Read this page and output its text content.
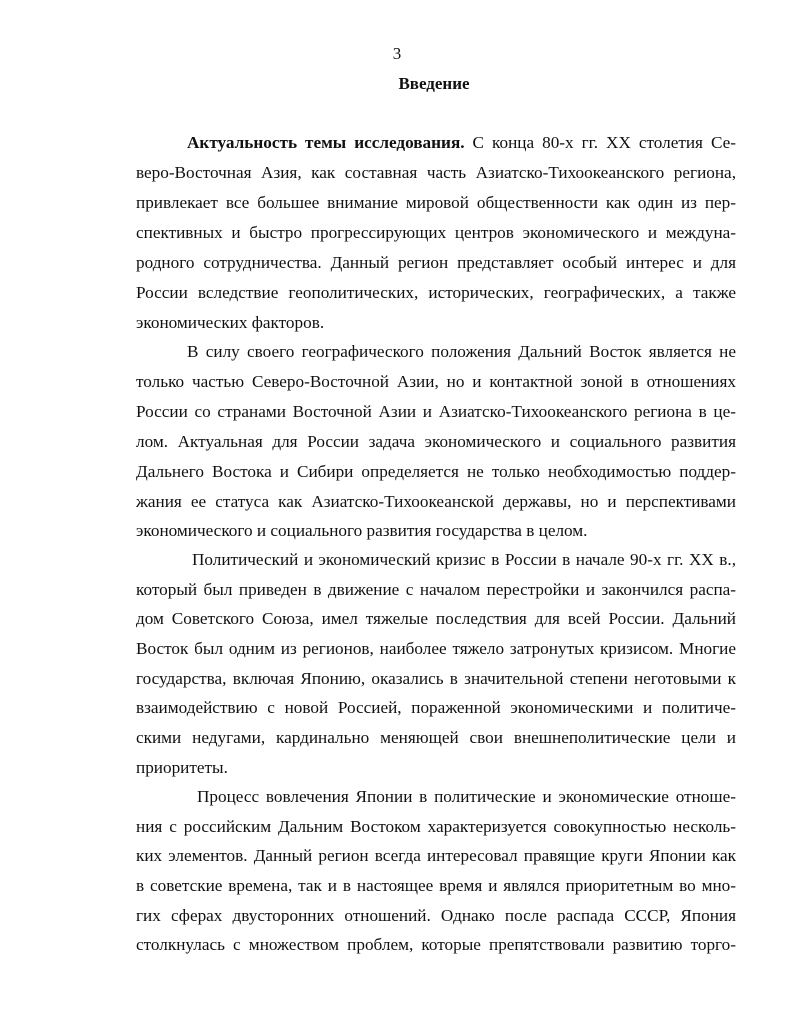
3
Введение
Актуальность темы исследования. С конца 80-х гг. XX столетия Се-
веро-Восточная Азия, как составная часть Азиатско-Тихоокеанского региона,
привлекает все большее внимание мировой общественности как один из пер-
спективных и быстро прогрессирующих центров экономического и междуна-
родного сотрудничества. Данный регион представляет особый интерес и для
России вследствие геополитических, исторических, географических, а также
экономических факторов.
В силу своего географического положения Дальний Восток является не
только частью Северо-Восточной Азии, но и контактной зоной в отношениях
России со странами Восточной Азии и Азиатско-Тихоокеанского региона в це-
лом. Актуальная для России задача экономического и социального развития
Дальнего Востока и Сибири определяется не только необходимостью поддер-
жания ее статуса как Азиатско-Тихоокеанской державы, но и перспективами
экономического и социального развития государства в целом.
Политический и экономический кризис в России в начале 90-х гг. XX в.,
который был приведен в движение с началом перестройки и закончился распа-
дом Советского Союза, имел тяжелые последствия для всей России. Дальний
Восток был одним из регионов, наиболее тяжело затронутых кризисом. Многие
государства, включая Японию, оказались в значительной степени неготовыми к
взаимодействию с новой Россией, пораженной экономическими и политиче-
скими недугами, кардинально меняющей свои внешнеполитические цели и
приоритеты.
Процесс вовлечения Японии в политические и экономические отноше-
ния с российским Дальним Востоком характеризуется совокупностью несколь-
ких элементов. Данный регион всегда интересовал правящие круги Японии как
в советские времена, так и в настоящее время и являлся приоритетным во мно-
гих сферах двусторонних отношений. Однако после распада СССР, Япония
столкнулась с множеством проблем, которые препятствовали развитию торго-
